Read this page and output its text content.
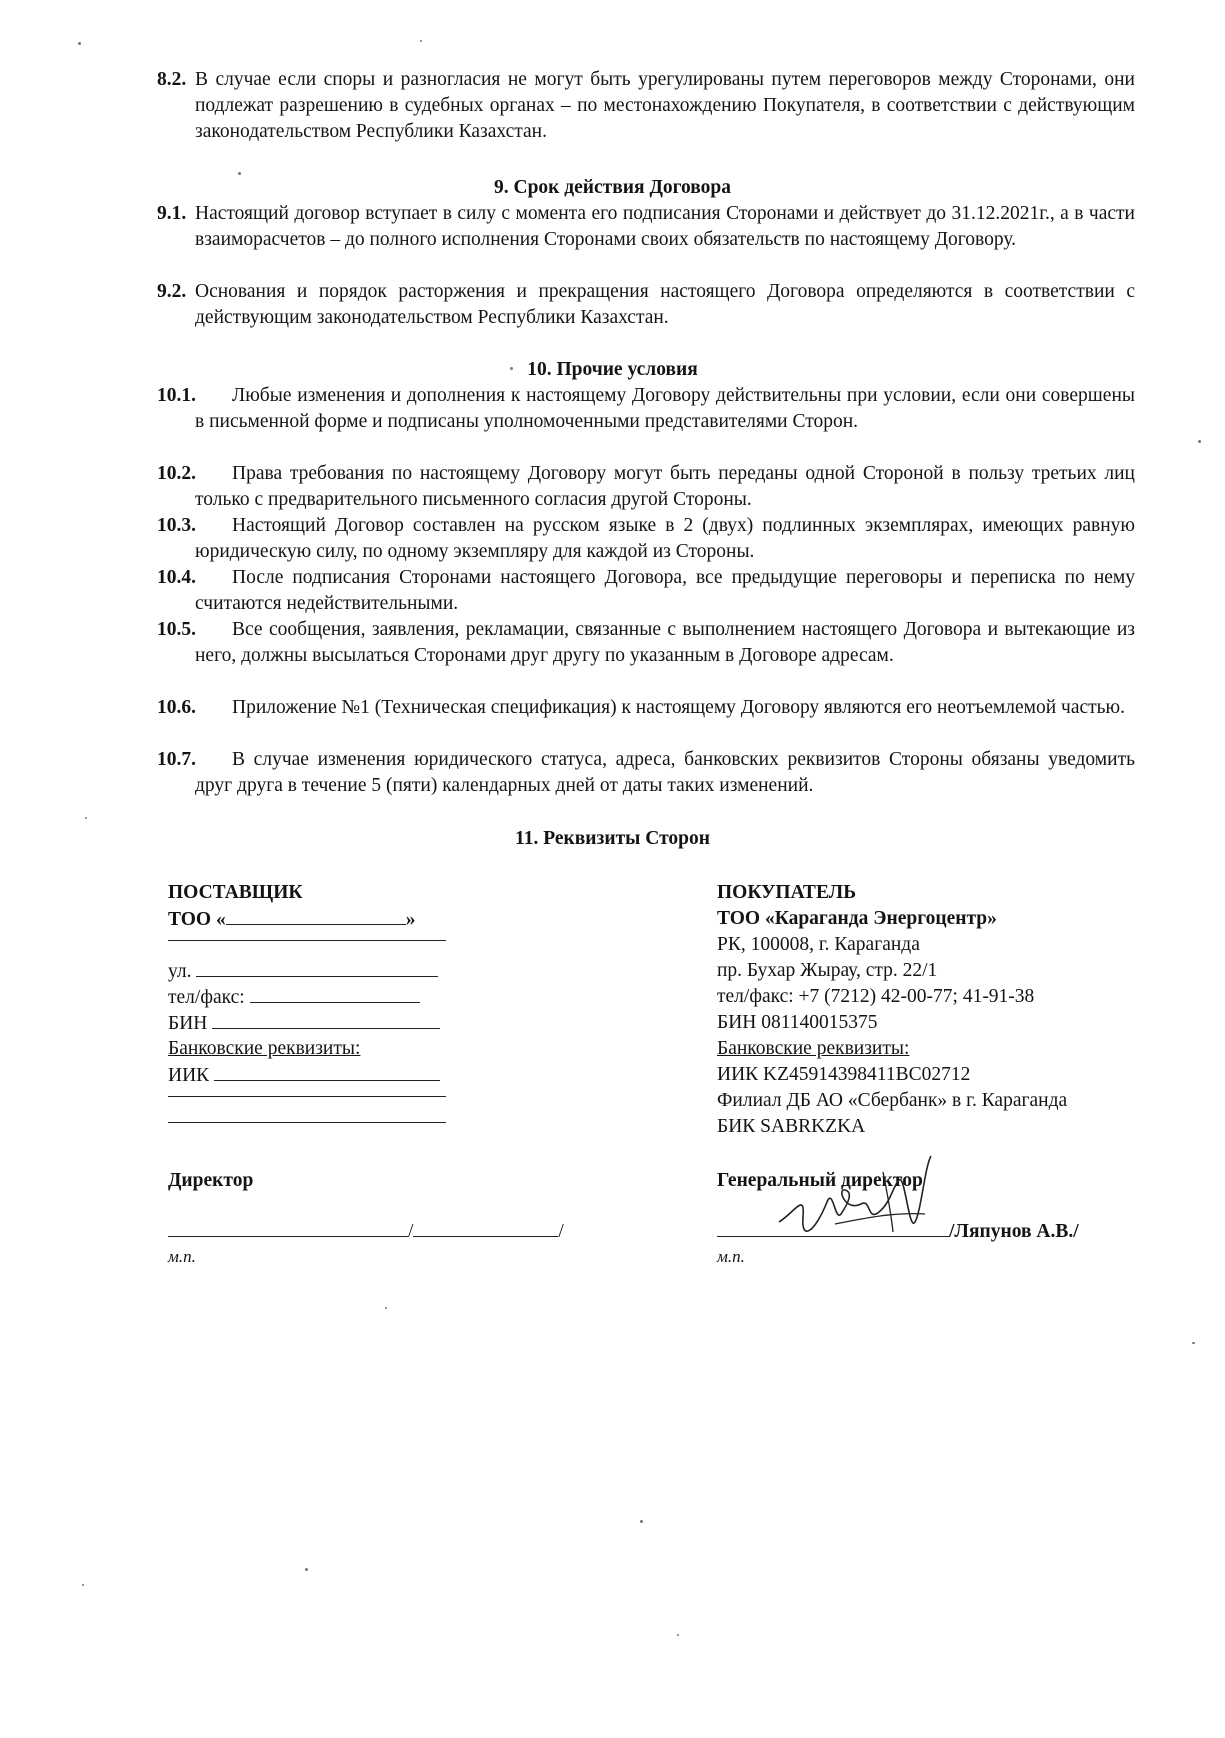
8.2. В случае если споры и разногласия не могут быть урегулированы путем переговоров между Сторонами, они подлежат разрешению в судебных органах – по местонахождению Покупателя, в соответствии с действующим законодательством Республики Казахстан.
9. Срок действия Договора
9.1. Настоящий договор вступает в силу с момента его подписания Сторонами и действует до 31.12.2021г., а в части взаиморасчетов – до полного исполнения Сторонами своих обязательств по настоящему Договору.
9.2. Основания и порядок расторжения и прекращения настоящего Договора определяются в соответствии с действующим законодательством Республики Казахстан.
10. Прочие условия
10.1.	Любые изменения и дополнения к настоящему Договору действительны при условии, если они совершены в письменной форме и подписаны уполномоченными представителями Сторон.
10.2.	Права требования по настоящему Договору могут быть переданы одной Стороной в пользу третьих лиц только с предварительного письменного согласия другой Стороны.
10.3.	Настоящий Договор составлен на русском языке в 2 (двух) подлинных экземплярах, имеющих равную юридическую силу, по одному экземпляру для каждой из Стороны.
10.4.	После подписания Сторонами настоящего Договора, все предыдущие переговоры и переписка по нему считаются недействительными.
10.5.	Все сообщения, заявления, рекламации, связанные с выполнением настоящего Договора и вытекающие из него, должны высылаться Сторонами друг другу по указанным в Договоре адресам.
10.6.	Приложение №1 (Техническая спецификация) к настоящему Договору являются его неотъемлемой частью.
10.7.	В случае изменения юридического статуса, адреса, банковских реквизитов Стороны обязаны уведомить друг друга в течение 5 (пяти) календарных дней от даты таких изменений.
11. Реквизиты Сторон
ПОСТАВЩИК
ТОО «	»
ул.
тел/факс:
БИН
Банковские реквизиты:
ИИК
Директор
/	/
м.п.
ПОКУПАТЕЛЬ
ТОО «Караганда Энергоцентр»
РК, 100008, г. Караганда
пр. Бухар Жырау, стр. 22/1
тел/факс: +7 (7212) 42-00-77; 41-91-38
БИН 081140015375
Банковские реквизиты:
ИИК KZ45914398411BC02712
Филиал ДБ АО «Сбербанк» в г. Караганда
БИК SABRKZKA
Генеральный директор
/Ляпунов А.В./
м.п.
